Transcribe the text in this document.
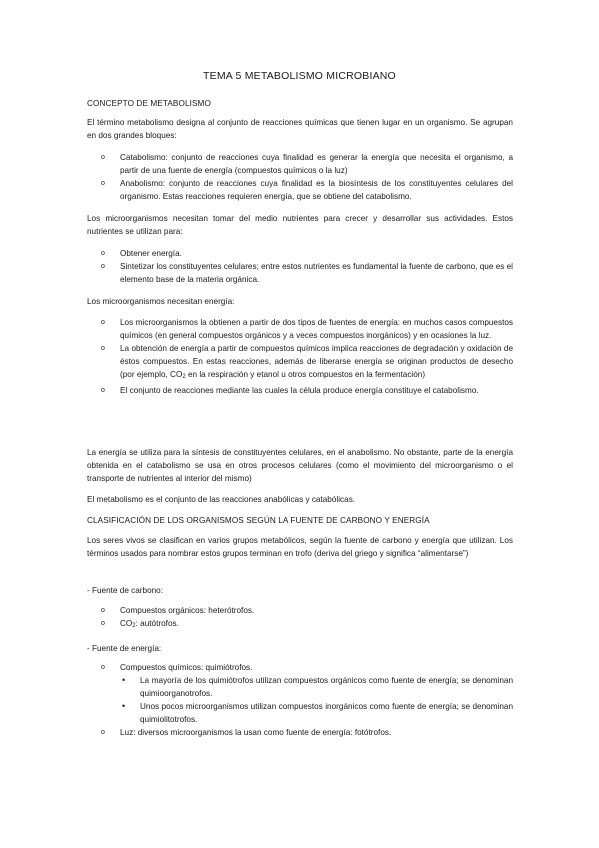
TEMA 5 METABOLISMO MICROBIANO
CONCEPTO DE METABOLISMO
El término metabolismo designa al conjunto de reacciones químicas que tienen lugar en un organismo. Se agrupan en dos grandes bloques:
o Catabolismo: conjunto de reacciones cuya finalidad es generar la energía que necesita el organismo, a partir de una fuente de energía (compuestos químicos o la luz)
o Anabolismo: conjunto de reacciones cuya finalidad es la biosíntesis de los constituyentes celulares del organismo. Estas reacciones requieren energía, que se obtiene del catabolismo.
Los microorganismos necesitan tomar del medio nutrientes para crecer y desarrollar sus actividades. Estos nutrientes se utilizan para:
o Obtener energía.
o Sintetizar los constituyentes celulares; entre estos nutrientes es fundamental la fuente de carbono, que es el elemento base de la materia orgánica.
Los microorganismos necesitan energía:
o Los microorganismos la obtienen a partir de dos tipos de fuentes de energía: en muchos casos compuestos químicos (en general compuestos orgánicos y a veces compuestos inorgánicos) y en ocasiones la luz.
o La obtención de energía a partir de compuestos químicos implica reacciones de degradación y oxidación de éstos compuestos. En estas reacciones, además de liberarse energía se originan productos de desecho (por ejemplo, $CO_2$ en la respiración y etanol u otros compuestos en la fermentación)
o El conjunto de reacciones mediante las cuales la célula produce energía constituye el catabolismo.
La energía se utiliza para la síntesis de constituyentes celulares, en el anabolismo. No obstante, parte de la energía obtenida en el catabolismo se usa en otros procesos celulares (como el movimiento del microorganismo o el transporte de nutrientes al interior del mismo)
El metabolismo es el conjunto de las reacciones anabólicas y catabólicas.
CLASIFICACIÓN DE LOS ORGANISMOS SEGÚN LA FUENTE DE CARBONO Y ENERGÍA
Los seres vivos se clasifican en varios grupos metabólicos, según la fuente de carbono y energía que utilizan. Los términos usados para nombrar estos grupos terminan en trofo (deriva del griego y significa “alimentarse”)
- Fuente de carbono:
o Compuestos orgánicos: heterótrofos.
o $CO_2$: autótrofos.
- Fuente de energía:
o Compuestos químicos: quimiótrofos.
• La mayoría de los quimiótrofos utilizan compuestos orgánicos como fuente de energía; se denominan quimioorganotrofos.
• Unos pocos microorganismos utilizan compuestos inorgánicos como fuente de energía; se denominan quimiolitotrofos.
o Luz: diversos microorganismos la usan como fuente de energía: fotótrofos.
